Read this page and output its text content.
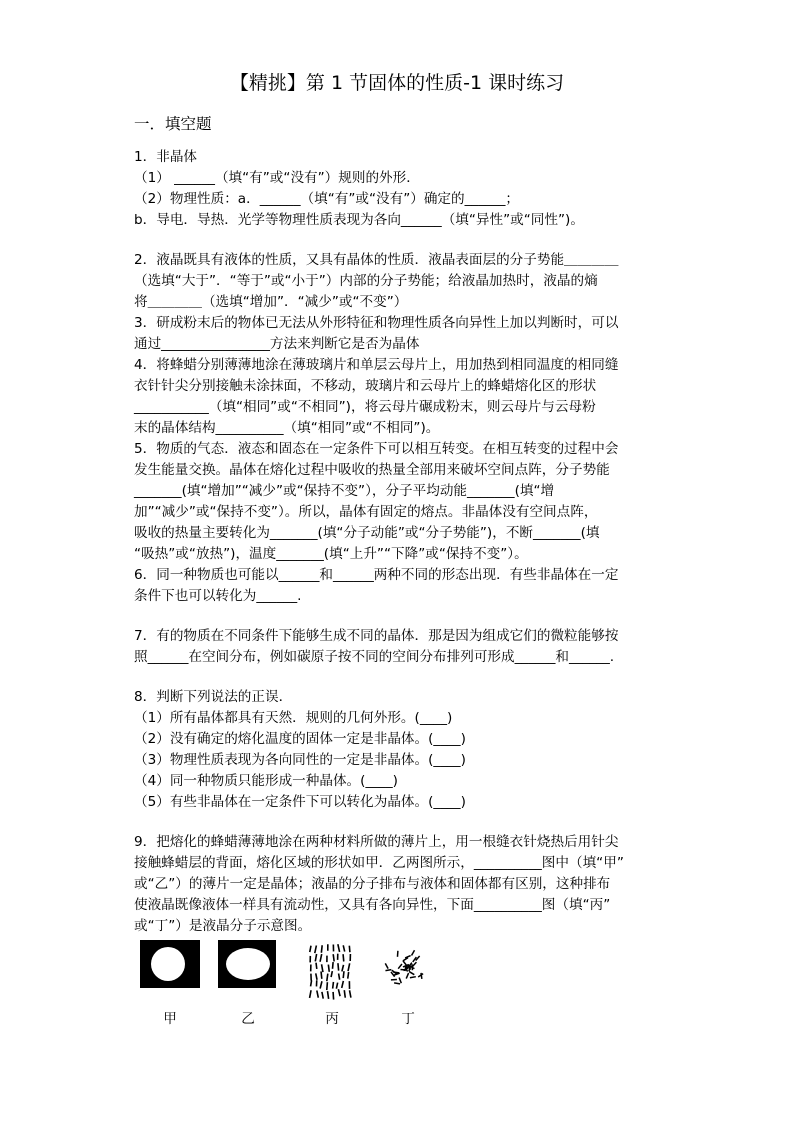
【精挑】第 1 节固体的性质-1 课时练习
一．填空题
1．非晶体
（1） ______（填“有”或“没有”）规则的外形．
（2）物理性质：a．______（填“有”或“没有”）确定的______；
b．导电．导热．光学等物理性质表现为各向______（填“异性”或“同性”)。
2．液晶既具有液体的性质，又具有晶体的性质．液晶表面层的分子势能＿＿＿＿
（选填“大于”．“等于”或“小于”）内部的分子势能；给液晶加热时，液晶的熵
将＿＿＿＿（选填“增加”．“减少”或“不变”）
3．研成粉末后的物体已无法从外形特征和物理性质各向异性上加以判断时，可以
通过________________方法来判断它是否为晶体
4．将蜂蜡分别薄薄地涂在薄玻璃片和单层云母片上，用加热到相同温度的相同缝
衣针针尖分别接触未涂抹面，不移动，玻璃片和云母片上的蜂蜡熔化区的形状
___________（填“相同”或“不相同”)，将云母片碾成粉末，则云母片与云母粉
末的晶体结构__________（填“相同”或“不相同”)。
5．物质的气态．液态和固态在一定条件下可以相互转变。在相互转变的过程中会
发生能量交换。晶体在熔化过程中吸收的热量全部用来破坏空间点阵，分子势能
_______(填“增加”“减少”或“保持不变”），分子平均动能_______(填“增
加”“减少”或“保持不变”）。所以，晶体有固定的熔点。非晶体没有空间点阵，
吸收的热量主要转化为_______(填“分子动能”或“分子势能”)，不断_______(填
“吸热”或“放热”)，温度_______(填“上升”“下降”或“保持不变”）。
6．同一种物质也可能以______和______两种不同的形态出现．有些非晶体在一定
条件下也可以转化为______.
7．有的物质在不同条件下能够生成不同的晶体．那是因为组成它们的微粒能够按
照______在空间分布，例如碳原子按不同的空间分布排列可形成______和______.
8．判断下列说法的正误．
（1）所有晶体都具有天然．规则的几何外形。(____)
（2）没有确定的熔化温度的固体一定是非晶体。(____)
（3）物理性质表现为各向同性的一定是非晶体。(____)
（4）同一种物质只能形成一种晶体。(____)
（5）有些非晶体在一定条件下可以转化为晶体。(____)
9．把熔化的蜂蜡薄薄地涂在两种材料所做的薄片上，用一根缝衣针烧热后用针尖
接触蜂蜡层的背面，熔化区域的形状如甲．乙两图所示，__________图中（填“甲”
或“乙”）的薄片一定是晶体；液晶的分子排布与液体和固体都有区别，这种排布
使液晶既像液体一样具有流动性，又具有各向异性，下面__________图（填“丙”
或“丁”）是液晶分子示意图。
甲	乙	丙	丁
